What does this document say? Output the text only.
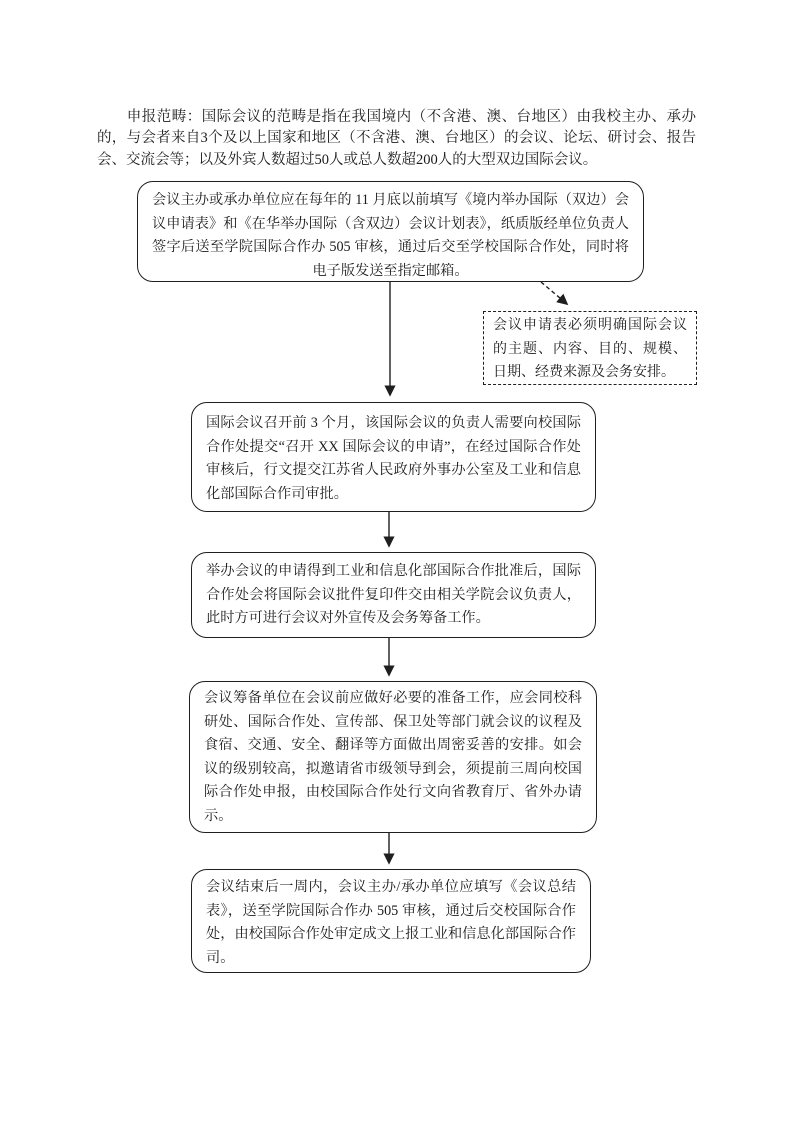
申报范畴：国际会议的范畴是指在我国境内（不含港、澳、台地区）由我校主办、承办的，与会者来自3个及以上国家和地区（不含港、澳、台地区）的会议、论坛、研讨会、报告会、交流会等；以及外宾人数超过50人或总人数超200人的大型双边国际会议。

会议主办或承办单位应在每年的 11 月底以前填写《境内举办国际（双边）会议申请表》和《在华举办国际（含双边）会议计划表》，纸质版经单位负责人签字后送至学院国际合作办 505 审核，通过后交至学校国际合作处，同时将电子版发送至指定邮箱。
会议申请表必须明确国际会议的主题、内容、目的、规模、日期、经费来源及会务安排。
国际会议召开前 3 个月，该国际会议的负责人需要向校国际合作处提交“召开 XX 国际会议的申请”，在经过国际合作处审核后，行文提交江苏省人民政府外事办公室及工业和信息化部国际合作司审批。
举办会议的申请得到工业和信息化部国际合作批准后，国际合作处会将国际会议批件复印件交由相关学院会议负责人，此时方可进行会议对外宣传及会务筹备工作。
会议筹备单位在会议前应做好必要的准备工作，应会同校科研处、国际合作处、宣传部、保卫处等部门就会议的议程及食宿、交通、安全、翻译等方面做出周密妥善的安排。如会议的级别较高，拟邀请省市级领导到会，须提前三周向校国际合作处申报，由校国际合作处行文向省教育厅、省外办请示。
会议结束后一周内，会议主办/承办单位应填写《会议总结表》，送至学院国际合作办 505 审核，通过后交校国际合作处，由校国际合作处审定成文上报工业和信息化部国际合作司。
